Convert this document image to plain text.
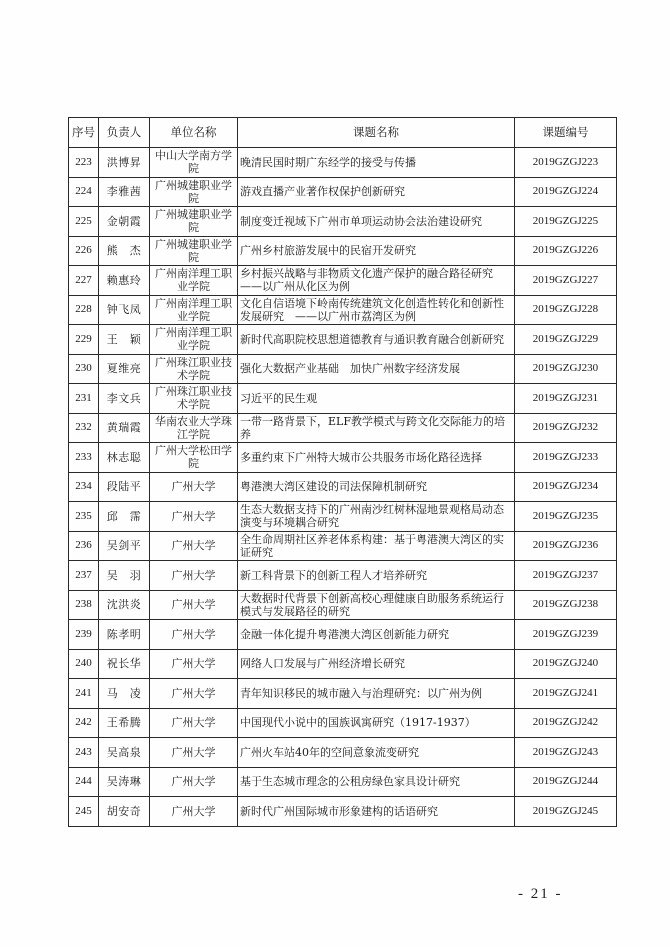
序号	负责人	单位名称	课题名称	课题编号
223	洪博昇	中山大学南方学院	晚清民国时期广东经学的接受与传播	2019GZGJ223
224	李雅茜	广州城建职业学院	游戏直播产业著作权保护创新研究	2019GZGJ224
225	金朝霞	广州城建职业学院	制度变迁视域下广州市单项运动协会法治建设研究	2019GZGJ225
226	熊　杰	广州城建职业学院	广州乡村旅游发展中的民宿开发研究	2019GZGJ226
227	赖惠玲	广州南洋理工职业学院	乡村振兴战略与非物质文化遗产保护的融合路径研究　——以广州从化区为例	2019GZGJ227
228	钟飞凤	广州南洋理工职业学院	文化自信语境下岭南传统建筑文化创造性转化和创新性发展研究　——以广州市荔湾区为例	2019GZGJ228
229	王　颖	广州南洋理工职业学院	新时代高职院校思想道德教育与通识教育融合创新研究	2019GZGJ229
230	夏维亮	广州珠江职业技术学院	强化大数据产业基础　加快广州数字经济发展	2019GZGJ230
231	李文兵	广州珠江职业技术学院	习近平的民生观	2019GZGJ231
232	黄瑞霞	华南农业大学珠江学院	一带一路背景下，ELF教学模式与跨文化交际能力的培养	2019GZGJ232
233	林志聪	广州大学松田学院	多重约束下广州特大城市公共服务市场化路径选择	2019GZGJ233
234	段陆平	广州大学	粤港澳大湾区建设的司法保障机制研究	2019GZGJ234
235	邱　霈	广州大学	生态大数据支持下的广州南沙红树林湿地景观格局动态演变与环境耦合研究	2019GZGJ235
236	吴剑平	广州大学	全生命周期社区养老体系构建：基于粤港澳大湾区的实证研究	2019GZGJ236
237	吴　羽	广州大学	新工科背景下的创新工程人才培养研究	2019GZGJ237
238	沈洪炎	广州大学	大数据时代背景下创新高校心理健康自助服务系统运行模式与发展路径的研究	2019GZGJ238
239	陈孝明	广州大学	金融一体化提升粤港澳大湾区创新能力研究	2019GZGJ239
240	祝长华	广州大学	网络人口发展与广州经济增长研究	2019GZGJ240
241	马　凌	广州大学	青年知识移民的城市融入与治理研究：以广州为例	2019GZGJ241
242	王希腾	广州大学	中国现代小说中的国族讽寓研究（1917-1937）	2019GZGJ242
243	吴高泉	广州大学	广州火车站40年的空间意象流变研究	2019GZGJ243
244	吴涛琳	广州大学	基于生态城市理念的公租房绿色家具设计研究	2019GZGJ244
245	胡安奇	广州大学	新时代广州国际城市形象建构的话语研究	2019GZGJ245
- 21 -
